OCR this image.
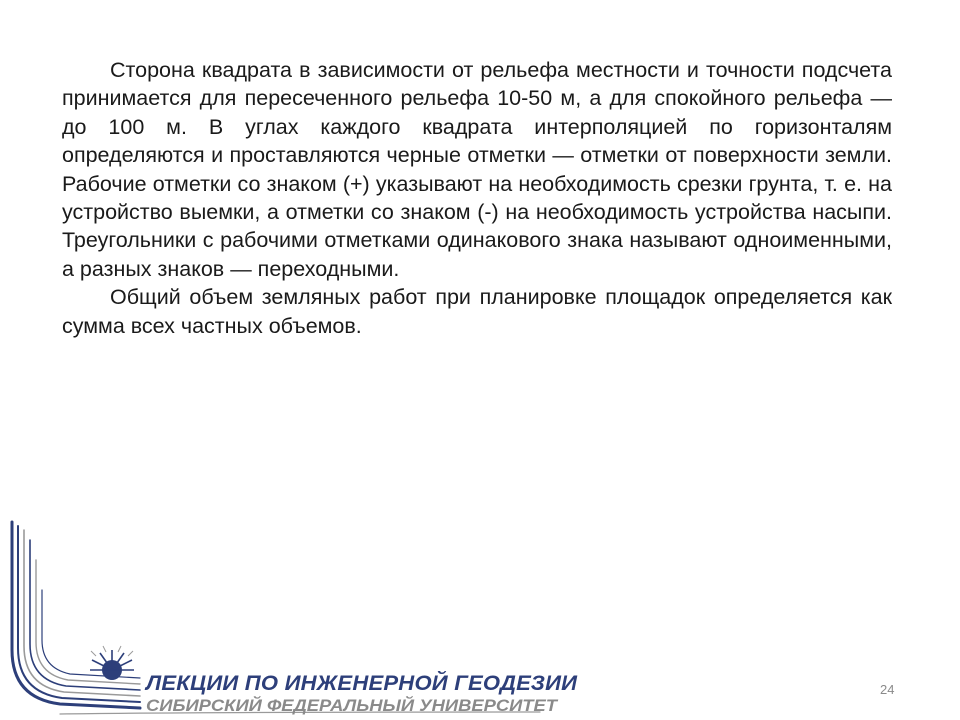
Сторона квадрата в зависимости от рельефа местности и точности подсчета принимается для пересеченного рельефа 10-50 м, а для спокойного рельефа — до 100 м. В углах каждого квадрата интерполяцией по горизонталям определяются и проставляются черные отметки — отметки от поверхности земли. Рабочие отметки со знаком (+) указывают на необходимость срезки грунта, т. е. на устройство выемки, а отметки со знаком (-) на необходимость устройства насыпи. Треугольники с рабочими отметками одинакового знака называют одноименными, а разных знаков — переходными.

Общий объем земляных работ при планировке площадок определяется как сумма всех частных объемов.

ЛЕКЦИИ ПО ИНЖЕНЕРНОЙ ГЕОДЕЗИИ
СИБИРСКИЙ ФЕДЕРАЛЬНЫЙ УНИВЕРСИТЕТ
24
